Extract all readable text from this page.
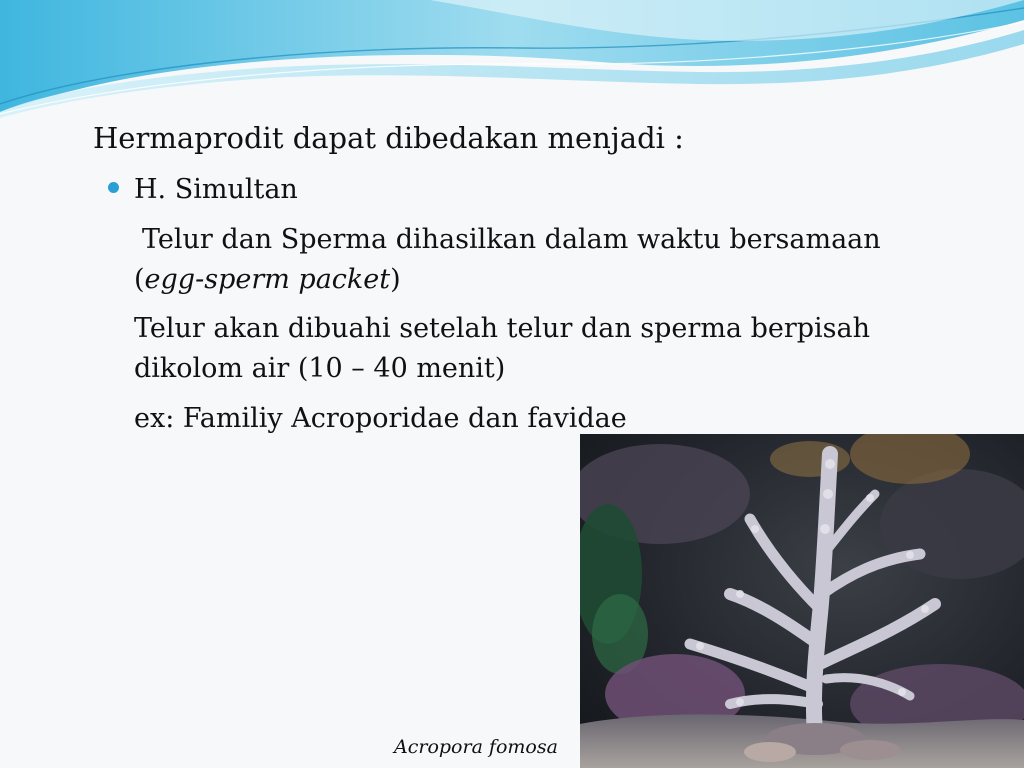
Hermaprodit dapat dibedakan menjadi :
H. Simultan
Telur dan Sperma dihasilkan dalam waktu bersamaan
(egg-sperm packet)
Telur akan dibuahi setelah telur dan sperma berpisah dikolom air (10 – 40 menit)
ex: Familiy Acroporidae dan favidae
Acropora fomosa
